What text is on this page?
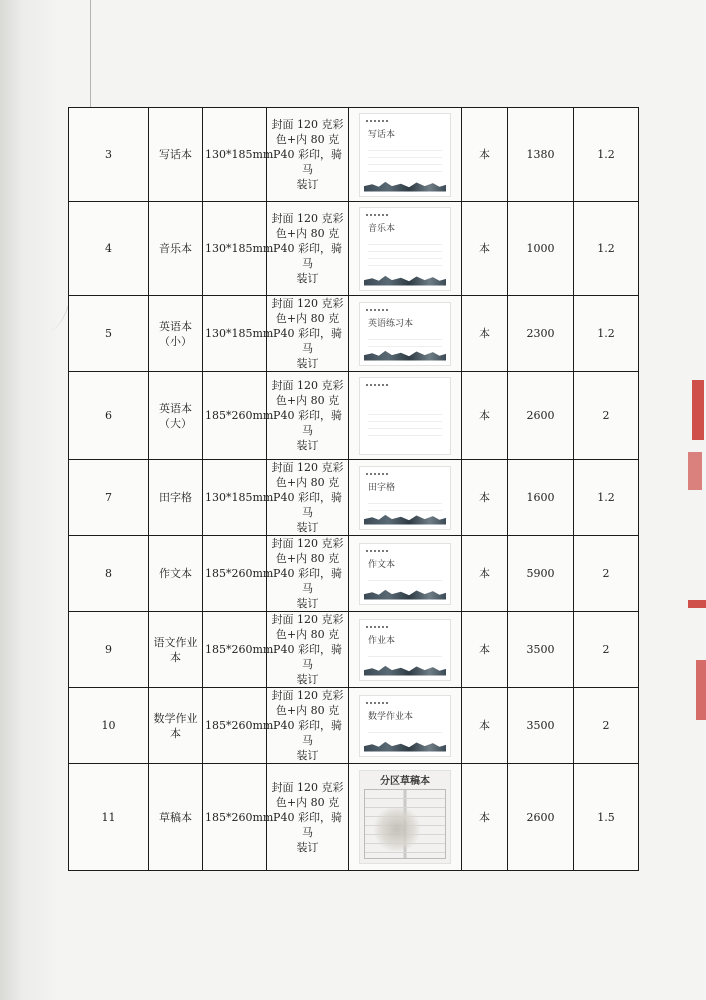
3	写话本	130*185mm	封面 120 克彩
色+内 80 克
P40 彩印，骑马
装订	写话本	本	1380	1.2
4	音乐本	130*185mm	封面 120 克彩
色+内 80 克
P40 彩印，骑马
装订	音乐本	本	1000	1.2
5	英语本（小）	130*185mm	封面 120 克彩
色+内 80 克
P40 彩印，骑马
装订	英语练习本	本	2300	1.2
6	英语本（大）	185*260mm	封面 120 克彩
色+内 80 克
P40 彩印，骑马
装订		本	2600	2
7	田字格	130*185mm	封面 120 克彩
色+内 80 克
P40 彩印，骑马
装订	田字格	本	1600	1.2
8	作文本	185*260mm	封面 120 克彩
色+内 80 克
P40 彩印，骑马
装订	作文本	本	5900	2
9	语文作业本	185*260mm	封面 120 克彩
色+内 80 克
P40 彩印，骑马
装订	作业本	本	3500	2
10	数学作业本	185*260mm	封面 120 克彩
色+内 80 克
P40 彩印，骑马
装订	数学作业本	本	3500	2
11	草稿本	185*260mm	封面 120 克彩
色+内 80 克
P40 彩印，骑马
装订	分区草稿本	本	2600	1.5
